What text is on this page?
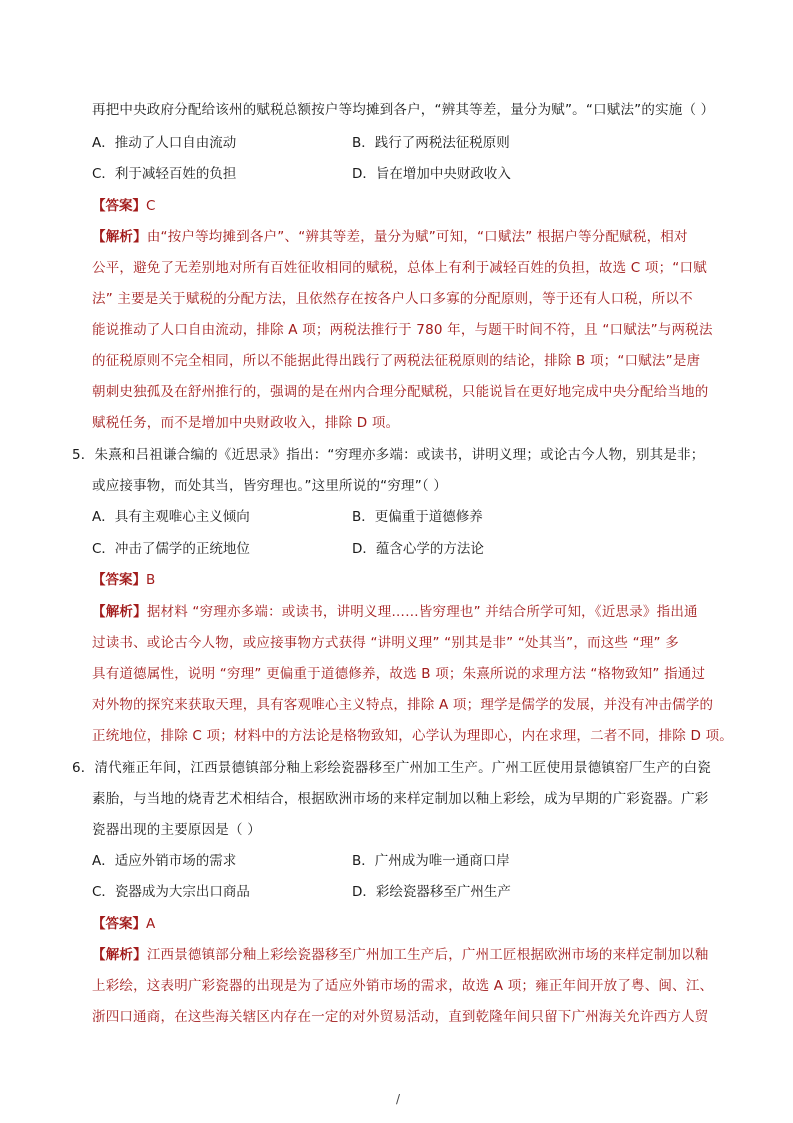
再把中央政府分配给该州的赋税总额按户等均摊到各户，“辨其等差，量分为赋”。“口赋法”的实施（ ）
A．推动了人口自由流动	B．践行了两税法征税原则
C．利于减轻百姓的负担	D．旨在增加中央财政收入
【答案】C
【解析】由“按户等均摊到各户”、“辨其等差，量分为赋”可知，“口赋法” 根据户等分配赋税，相对
公平，避免了无差别地对所有百姓征收相同的赋税，总体上有利于减轻百姓的负担，故选 C 项；“口赋
法” 主要是关于赋税的分配方法，且依然存在按各户人口多寡的分配原则，等于还有人口税，所以不
能说推动了人口自由流动，排除 A 项；两税法推行于 780 年，与题干时间不符，且 “口赋法”与两税法
的征税原则不完全相同，所以不能据此得出践行了两税法征税原则的结论，排除 B 项；“口赋法”是唐
朝刺史独孤及在舒州推行的，强调的是在州内合理分配赋税，只能说旨在更好地完成中央分配给当地的
赋税任务，而不是增加中央财政收入，排除 D 项。
5．朱熹和吕祖谦合编的《近思录》指出：“穷理亦多端：或读书，讲明义理；或论古今人物，别其是非；
或应接事物，而处其当，皆穷理也。”这里所说的“穷理”（ ）
A．具有主观唯心主义倾向	B．更偏重于道德修养
C．冲击了儒学的正统地位	D．蕴含心学的方法论
【答案】B
【解析】据材料 “穷理亦多端：或读书，讲明义理……皆穷理也” 并结合所学可知，《近思录》指出通
过读书、或论古今人物，或应接事物方式获得 “讲明义理” “别其是非” “处其当”，而这些 “理” 多
具有道德属性，说明 “穷理” 更偏重于道德修养，故选 B 项；朱熹所说的求理方法 “格物致知” 指通过
对外物的探究来获取天理，具有客观唯心主义特点，排除 A 项；理学是儒学的发展，并没有冲击儒学的
正统地位，排除 C 项；材料中的方法论是格物致知，心学认为理即心，内在求理，二者不同，排除 D 项。
6．清代雍正年间，江西景德镇部分釉上彩绘瓷器移至广州加工生产。广州工匠使用景德镇窑厂生产的白瓷
素胎，与当地的烧青艺术相结合，根据欧洲市场的来样定制加以釉上彩绘，成为早期的广彩瓷器。广彩
瓷器出现的主要原因是（ ）
A．适应外销市场的需求	B．广州成为唯一通商口岸
C．瓷器成为大宗出口商品	D．彩绘瓷器移至广州生产
【答案】A
【解析】江西景德镇部分釉上彩绘瓷器移至广州加工生产后，广州工匠根据欧洲市场的来样定制加以釉
上彩绘，这表明广彩瓷器的出现是为了适应外销市场的需求，故选 A 项；雍正年间开放了粤、闽、江、
浙四口通商，在这些海关辖区内存在一定的对外贸易活动，直到乾隆年间只留下广州海关允许西方人贸
/
